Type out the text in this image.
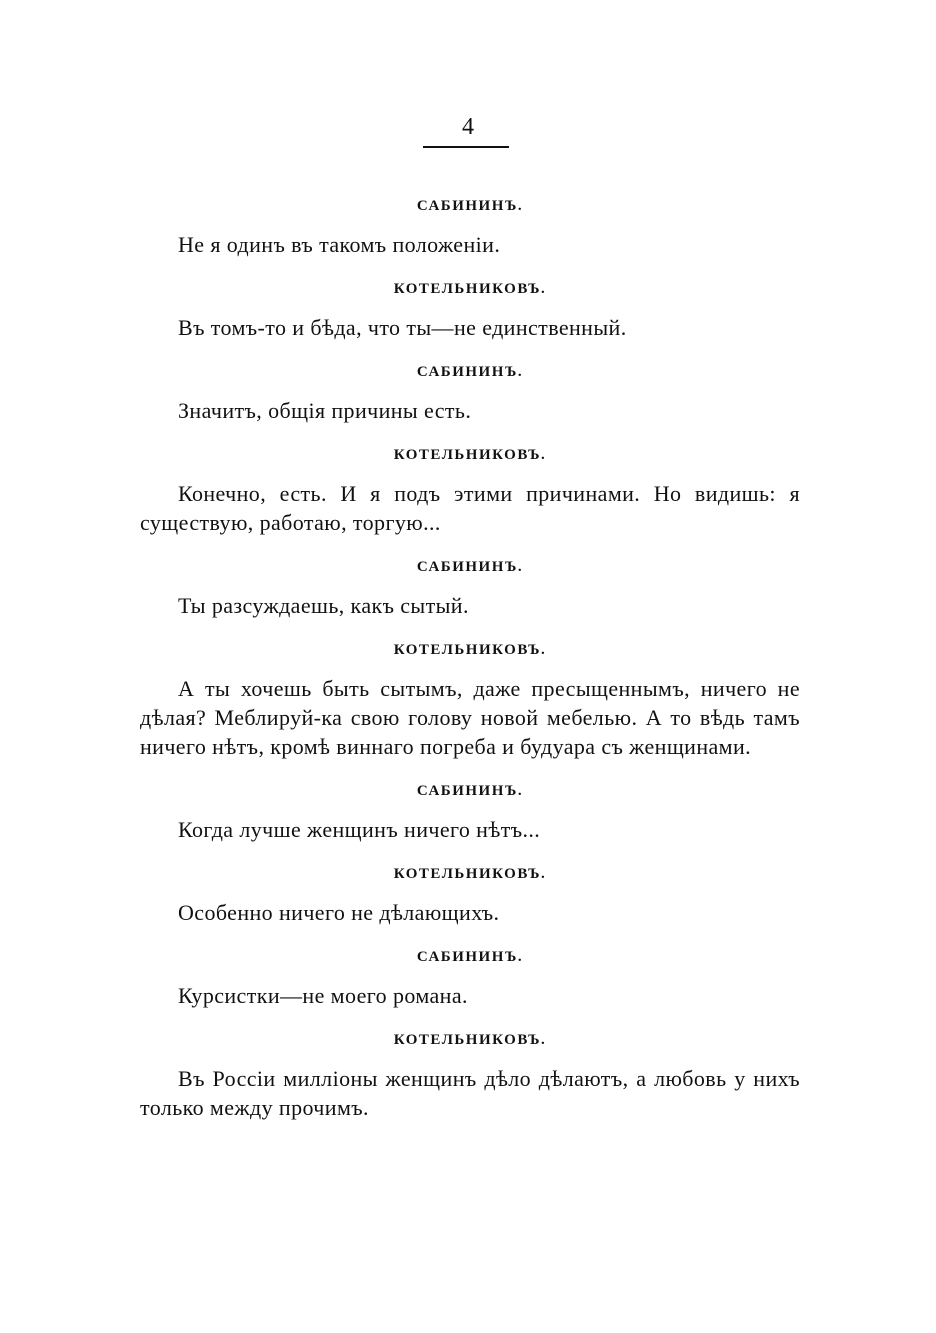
4

САБИНИНЪ.

Не я одинъ въ такомъ положеніи.

КОТЕЛЬНИКОВЪ.

Въ томъ-то и бѣда, что ты—не единственный.

САБИНИНЪ.

Значитъ, общія причины есть.

КОТЕЛЬНИКОВЪ.

Конечно, есть. И я подъ этими причинами. Но видишь: я существую, работаю, торгую...

САБИНИНЪ.

Ты разсуждаешь, какъ сытый.

КОТЕЛЬНИКОВЪ.

А ты хочешь быть сытымъ, даже пресыщеннымъ, ничего не дѣлая? Меблируй-ка свою голову новой мебелью. А то вѣдь тамъ ничего нѣтъ, кромѣ виннаго погреба и будуара съ женщинами.

САБИНИНЪ.

Когда лучше женщинъ ничего нѣтъ...

КОТЕЛЬНИКОВЪ.

Особенно ничего не дѣлающихъ.

САБИНИНЪ.

Курсистки—не моего романа.

КОТЕЛЬНИКОВЪ.

Въ Россіи милліоны женщинъ дѣло дѣлаютъ, а любовь у нихъ только между прочимъ.
